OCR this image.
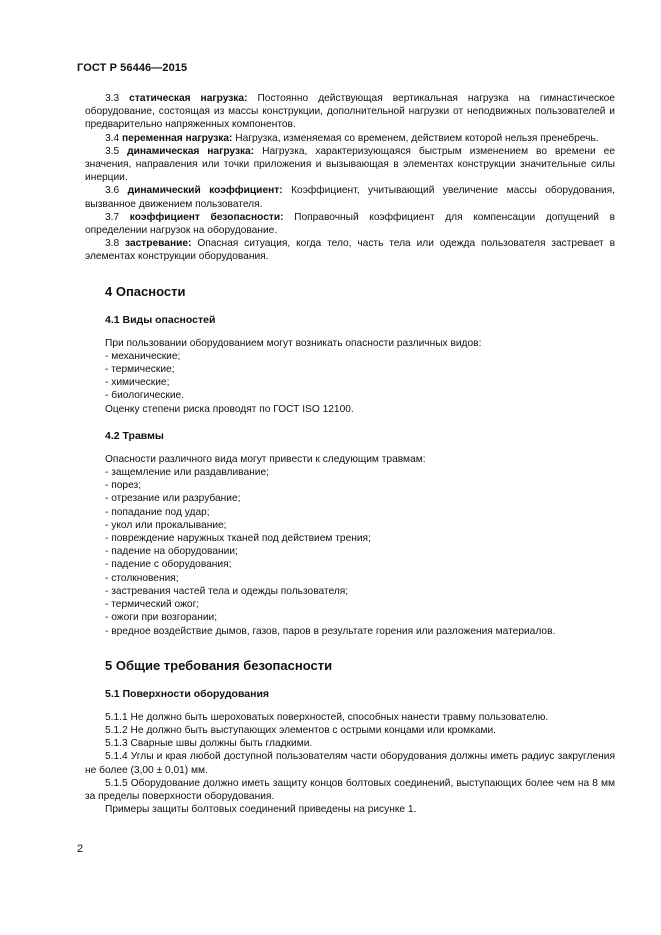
ГОСТ Р 56446—2015

3.3 статическая нагрузка: Постоянно действующая вертикальная нагрузка на гимнастическое оборудование, состоящая из массы конструкции, дополнительной нагрузки от неподвижных пользователей и предварительно напряженных компонентов.

3.4 переменная нагрузка: Нагрузка, изменяемая со временем, действием которой нельзя пренебречь.

3.5 динамическая нагрузка: Нагрузка, характеризующаяся быстрым изменением во времени ее значения, направления или точки приложения и вызывающая в элементах конструкции значительные силы инерции.

3.6 динамический коэффициент: Коэффициент, учитывающий увеличение массы оборудования, вызванное движением пользователя.

3.7 коэффициент безопасности: Поправочный коэффициент для компенсации допущений в определении нагрузок на оборудование.

3.8 застревание: Опасная ситуация, когда тело, часть тела или одежда пользователя застревает в элементах конструкции оборудования.

4 Опасности
4.1 Виды опасностей

При пользовании оборудованием могут возникать опасности различных видов:

- механические;

- термические;

- химические;

- биологические.

Оценку степени риска проводят по ГОСТ ISO 12100.

4.2 Травмы

Опасности различного вида могут привести к следующим травмам:

- защемление или раздавливание;

- порез;

- отрезание или разрубание;

- попадание под удар;

- укол или прокалывание;

- повреждение наружных тканей под действием трения;

- падение на оборудовании;

- падение с оборудования;

- столкновения;

- застревания частей тела и одежды пользователя;

- термический ожог;

- ожоги при возгорании;

- вредное воздействие дымов, газов, паров в результате горения или разложения материалов.

5 Общие требования безопасности
5.1 Поверхности оборудования

5.1.1 Не должно быть шероховатых поверхностей, способных нанести травму пользователю.

5.1.2 Не должно быть выступающих элементов с острыми концами или кромками.

5.1.3 Сварные швы должны быть гладкими.

5.1.4 Углы и края любой доступной пользователям части оборудования должны иметь радиус закругления не более (3,00 ± 0,01) мм.

5.1.5 Оборудование должно иметь защиту концов болтовых соединений, выступающих более чем на 8 мм за пределы поверхности оборудования.

Примеры защиты болтовых соединений приведены на рисунке 1.

2
